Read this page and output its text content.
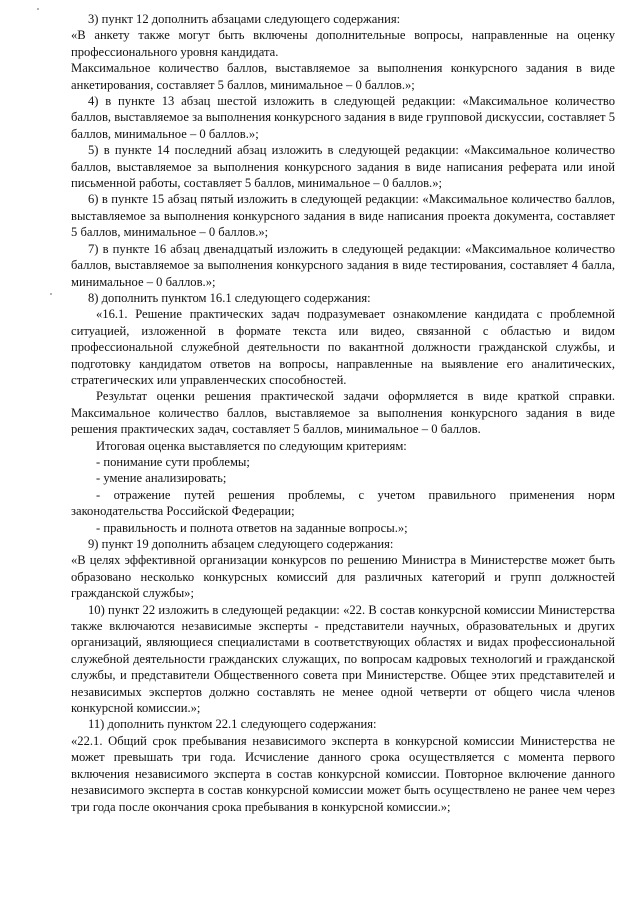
3) пункт 12 дополнить абзацами следующего содержания:

«В анкету также могут быть включены дополнительные вопросы, направленные на оценку профессионального уровня кандидата.

Максимальное количество баллов, выставляемое за выполнения конкурсного задания в виде анкетирования, составляет 5 баллов, минимальное – 0 баллов.»;

4) в пункте 13 абзац шестой изложить в следующей редакции: «Максимальное количество баллов, выставляемое за выполнения конкурсного задания в виде групповой дискуссии, составляет 5 баллов, минимальное – 0 баллов.»;

5) в пункте 14 последний абзац изложить в следующей редакции: «Максимальное количество баллов, выставляемое за выполнения конкурсного задания в виде написания реферата или иной письменной работы, составляет 5 баллов, минимальное – 0 баллов.»;

6) в пункте 15 абзац пятый изложить в следующей редакции: «Максимальное количество баллов, выставляемое за выполнения конкурсного задания в виде написания проекта документа, составляет 5 баллов, минимальное – 0 баллов.»;

7) в пункте 16 абзац двенадцатый изложить в следующей редакции: «Максимальное количество баллов, выставляемое за выполнения конкурсного задания в виде тестирования, составляет 4 балла, минимальное – 0 баллов.»;

8) дополнить пунктом 16.1 следующего содержания:

«16.1. Решение практических задач подразумевает ознакомление кандидата с проблемной ситуацией, изложенной в формате текста или видео, связанной с областью и видом профессиональной служебной деятельности по вакантной должности гражданской службы, и подготовку кандидатом ответов на вопросы, направленные на выявление его аналитических, стратегических или управленческих способностей.

Результат оценки решения практической задачи оформляется в виде краткой справки. Максимальное количество баллов, выставляемое за выполнения конкурсного задания в виде решения практических задач, составляет 5 баллов, минимальное – 0 баллов.

Итоговая оценка выставляется по следующим критериям:

- понимание сути проблемы;

- умение анализировать;

- отражение путей решения проблемы, с учетом правильного применения норм законодательства Российской Федерации;

- правильность и полнота ответов на заданные вопросы.»;

9) пункт 19 дополнить абзацем следующего содержания:

«В целях эффективной организации конкурсов по решению Министра в Министерстве может быть образовано несколько конкурсных комиссий для различных категорий и групп должностей гражданской службы»;

10) пункт 22 изложить в следующей редакции: «22. В состав конкурсной комиссии Министерства также включаются независимые эксперты - представители научных, образовательных и других организаций, являющиеся специалистами в соответствующих областях и видах профессиональной служебной деятельности гражданских служащих, по вопросам кадровых технологий и гражданской службы, и представители Общественного совета при Министерстве. Общее этих представителей и независимых экспертов должно составлять не менее одной четверти от общего числа членов конкурсной комиссии.»;

11) дополнить пунктом 22.1 следующего содержания:

«22.1. Общий срок пребывания независимого эксперта в конкурсной комиссии Министерства не может превышать три года. Исчисление данного срока осуществляется с момента первого включения независимого эксперта в состав конкурсной комиссии. Повторное включение данного независимого эксперта в состав конкурсной комиссии может быть осуществлено не ранее чем через три года после окончания срока пребывания в конкурсной комиссии.»;
